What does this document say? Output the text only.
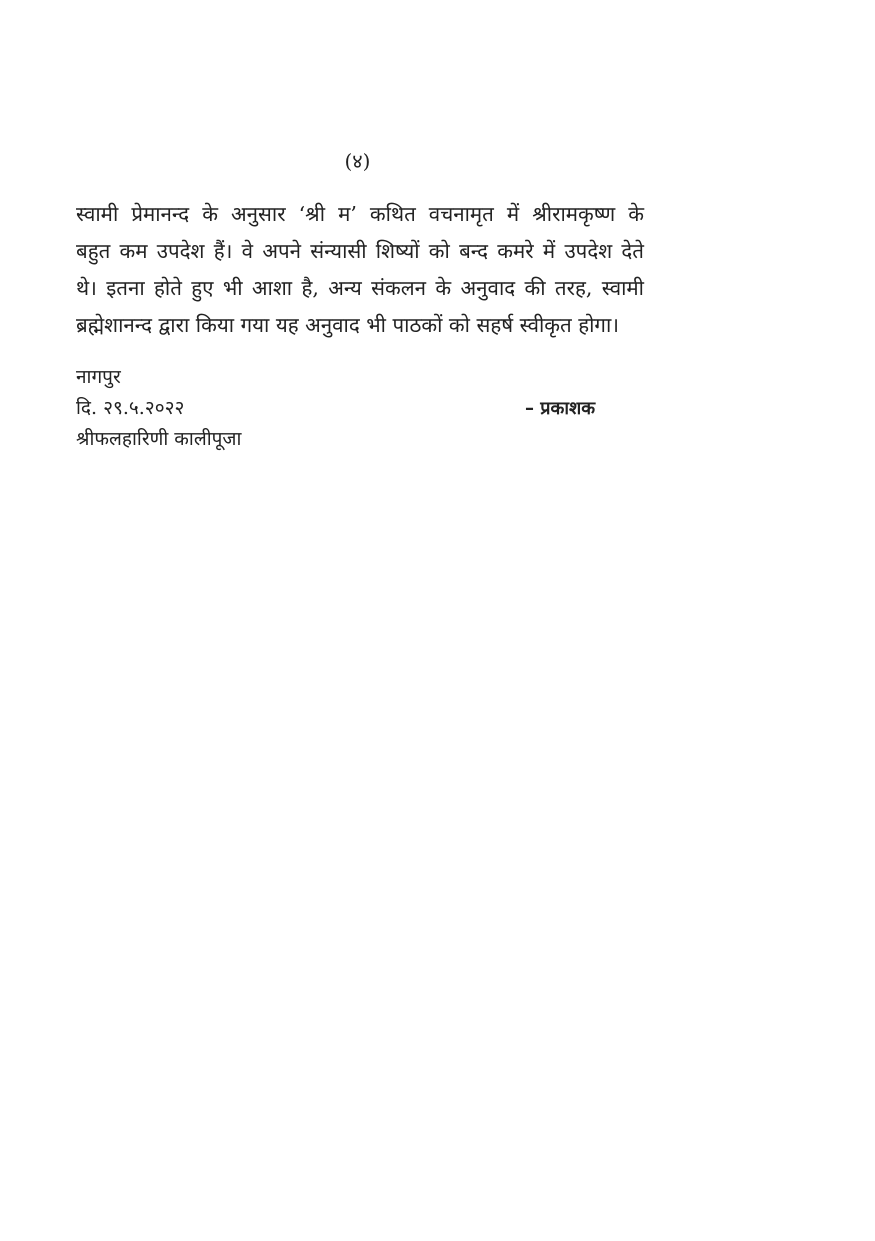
(४)

स्वामी प्रेमानन्द के अनुसार ‘श्री म’ कथित वचनामृत में श्रीरामकृष्ण के
बहुत कम उपदेश हैं। वे अपने संन्यासी शिष्यों को बन्द कमरे में उपदेश देते
थे। इतना होते हुए भी आशा है, अन्य संकलन के अनुवाद की तरह, स्वामी
ब्रह्मेशानन्द द्वारा किया गया यह अनुवाद भी पाठकों को सहर्ष स्वीकृत होगा।

नागपुर
दि. २९.५.२०२२	– प्रकाशक
श्रीफलहारिणी कालीपूजा
